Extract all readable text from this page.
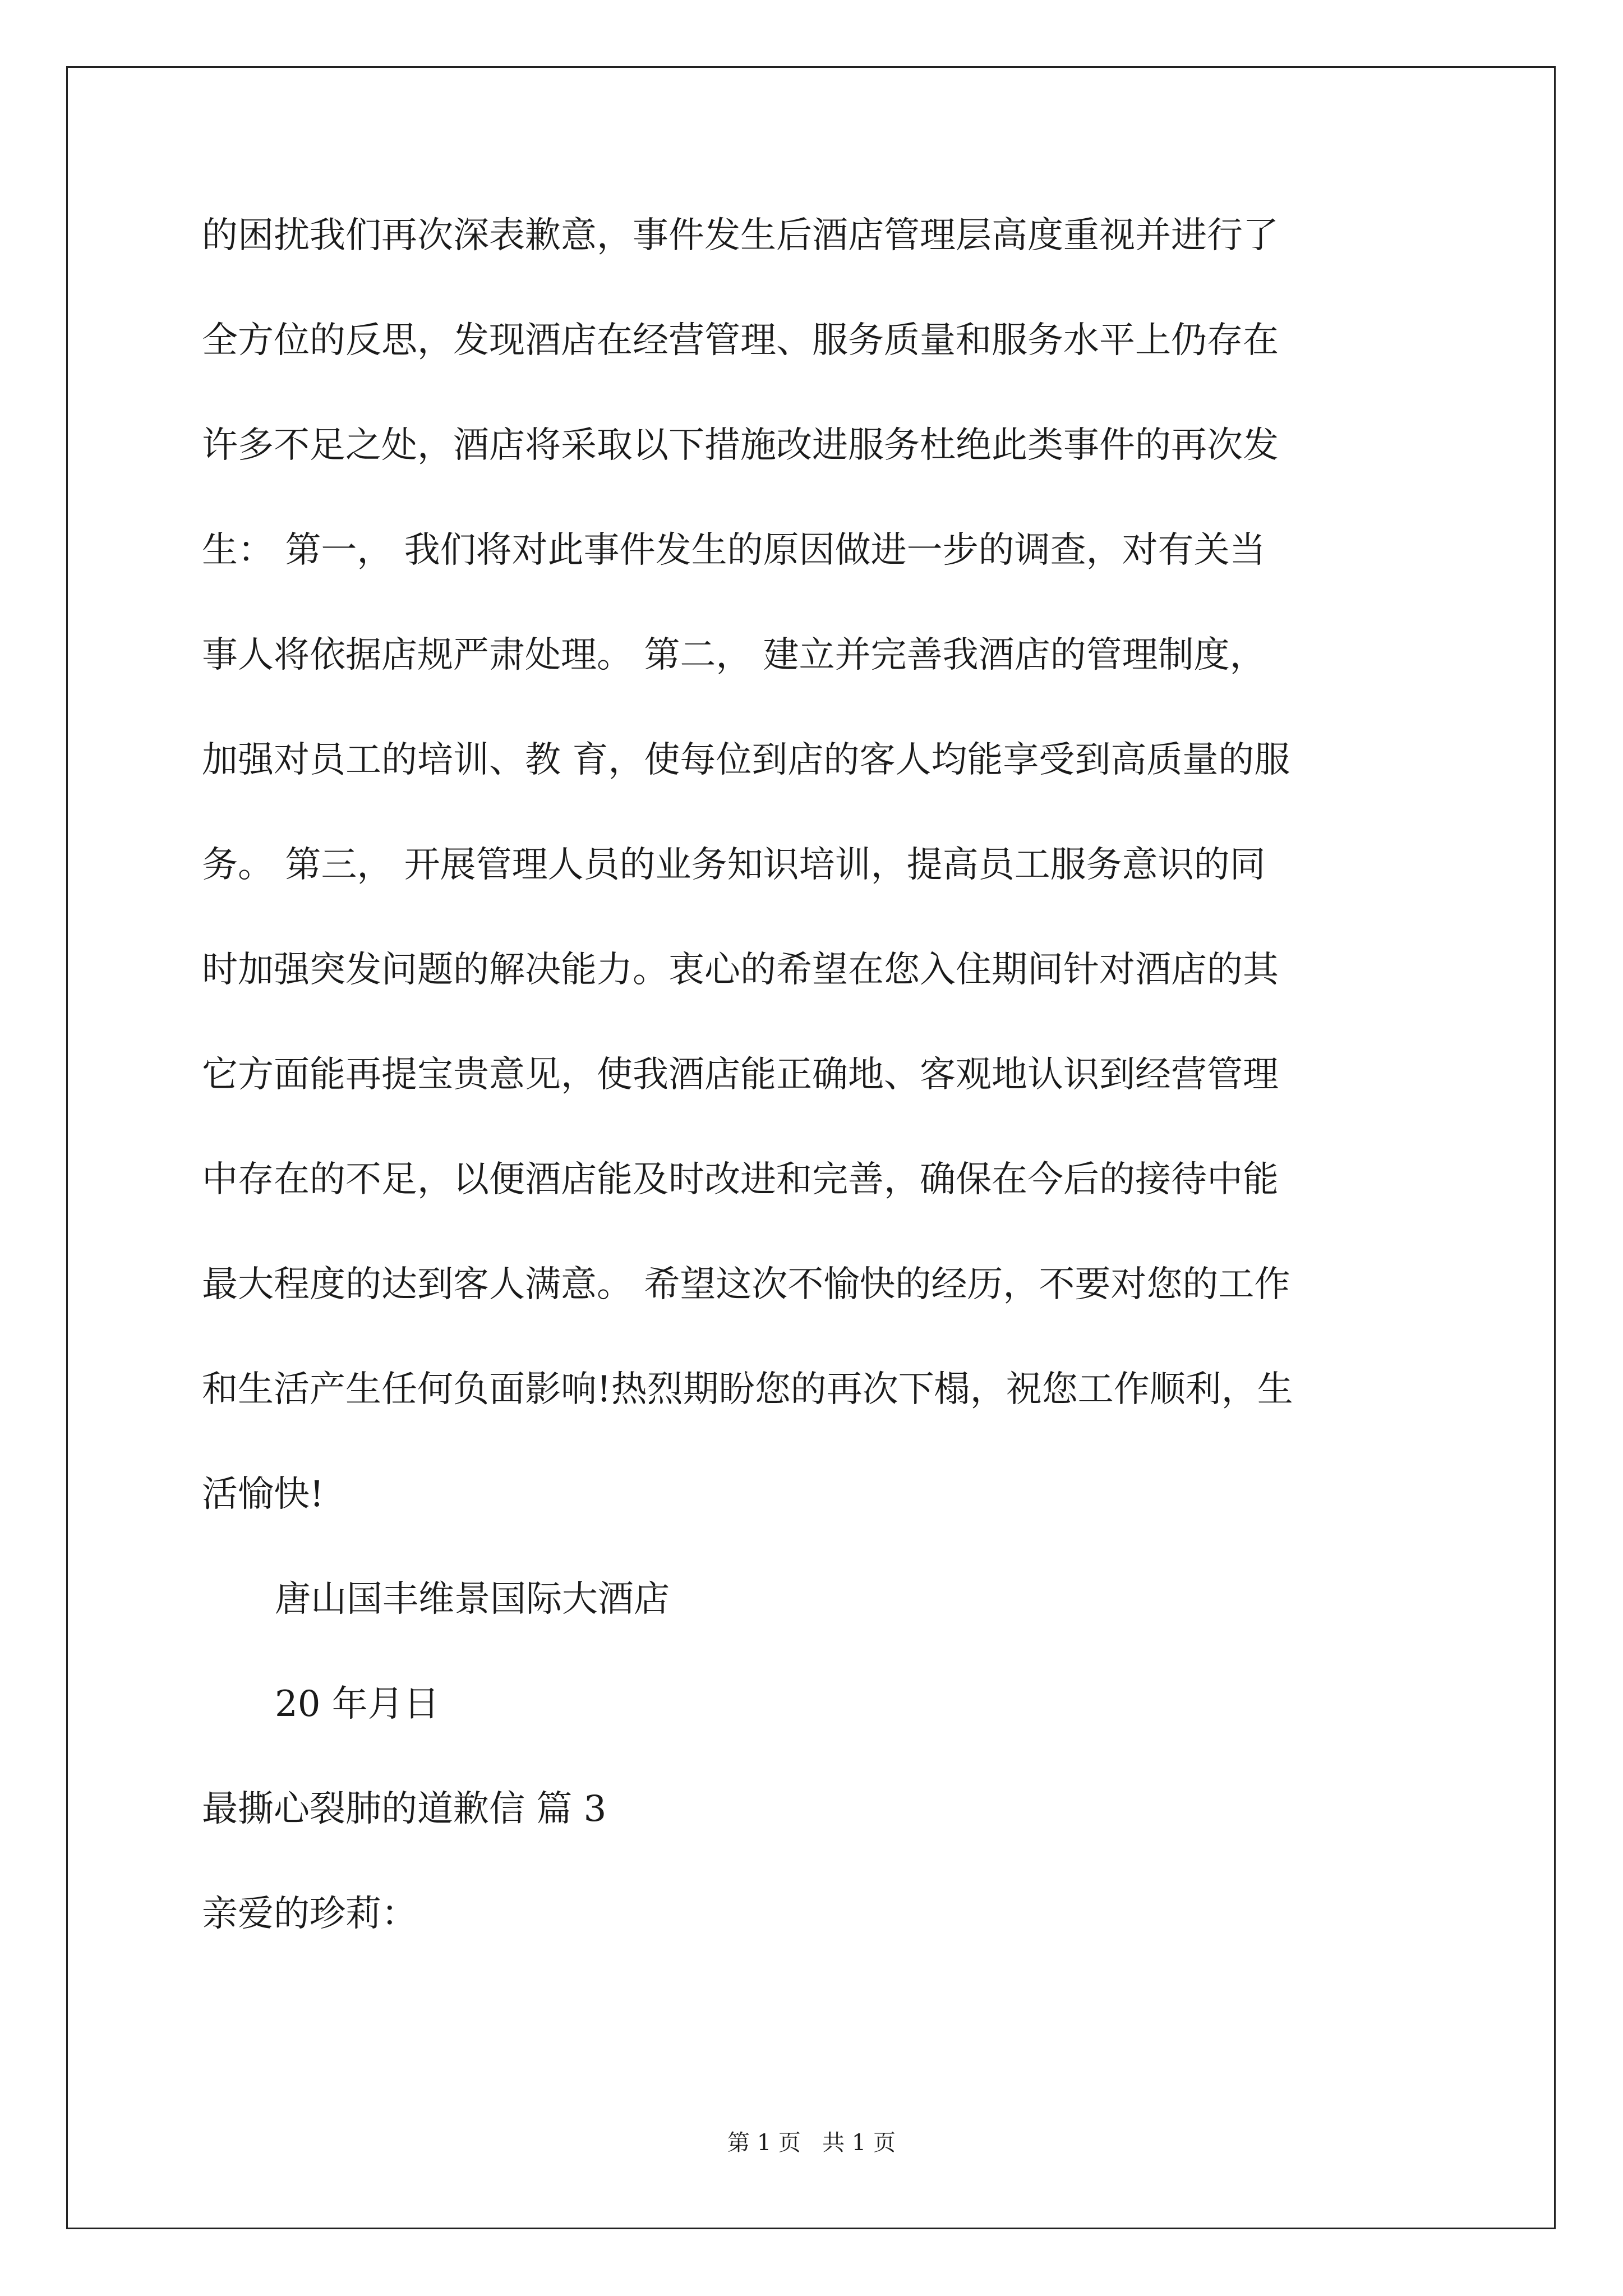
的困扰我们再次深表歉意，事件发生后酒店管理层高度重视并进行了
全方位的反思，发现酒店在经营管理、服务质量和服务水平上仍存在
许多不足之处，酒店将采取以下措施改进服务杜绝此类事件的再次发
生： 第一， 我们将对此事件发生的原因做进一步的调查，对有关当
事人将依据店规严肃处理。 第二， 建立并完善我酒店的管理制度，
加强对员工的培训、教 育，使每位到店的客人均能享受到高质量的服
务。 第三， 开展管理人员的业务知识培训，提高员工服务意识的同
时加强突发问题的解决能力。衷心的希望在您入住期间针对酒店的其
它方面能再提宝贵意见，使我酒店能正确地、客观地认识到经营管理
中存在的不足，以便酒店能及时改进和完善，确保在今后的接待中能
最大程度的达到客人满意。 希望这次不愉快的经历，不要对您的工作
和生活产生任何负面影响!热烈期盼您的再次下榻，祝您工作顺利，生
活愉快!
唐山国丰维景国际大酒店
20 年月日
最撕心裂肺的道歉信 篇 3
亲爱的珍莉：
第 1 页   共 1 页
